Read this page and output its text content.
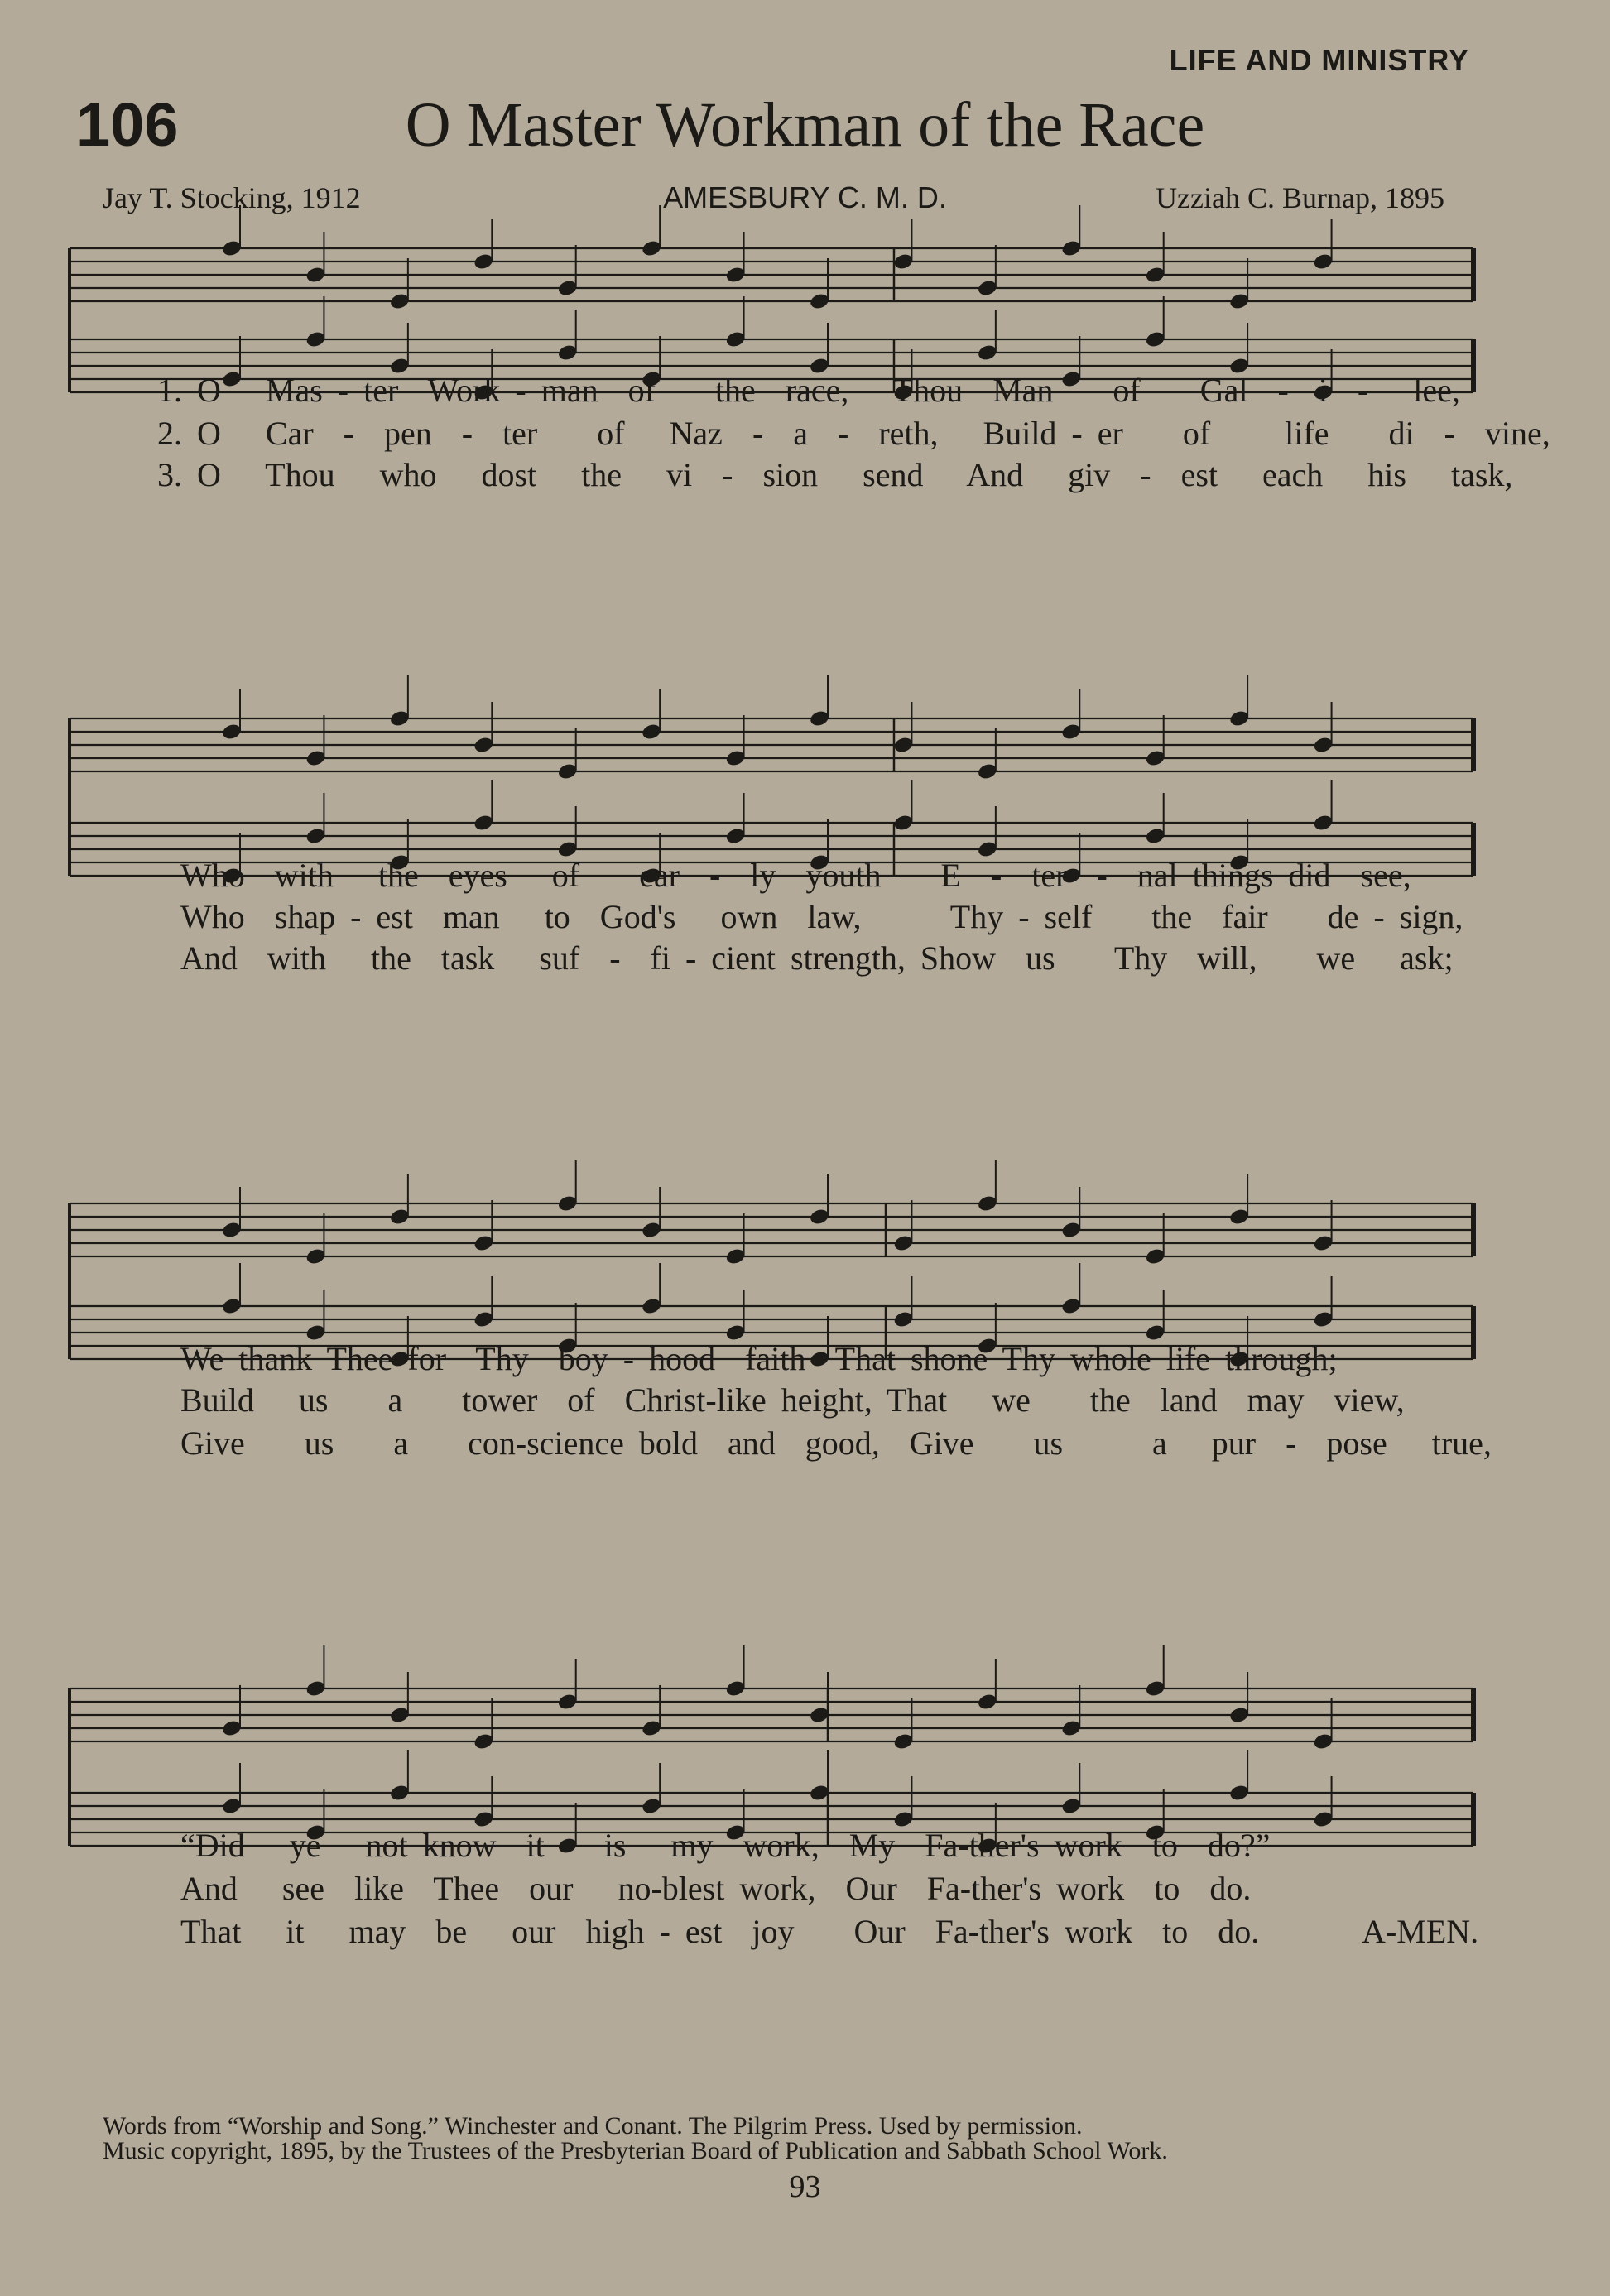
LIFE AND MINISTRY
106	O Master Workman of the Race
Jay T. Stocking, 1912	AMESBURY C. M. D.	Uzziah C. Burnap, 1895
1. O   Mas - ter  Work - man  of    the  race,   Thou  Man    of    Gal  -  i  -   lee,
2. O   Car  -  pen  -  ter    of   Naz  -  a  -  reth,   Build - er    of     life    di  -  vine,
3. O   Thou   who   dost   the   vi  -  sion   send   And   giv  -  est   each   his   task,
Who  with   the  eyes   of    ear  -  ly  youth    E  -  ter  -  nal things did  see,
Who  shap - est  man   to  God's   own  law,      Thy - self    the  fair    de - sign,
And  with   the  task   suf  -  fi - cient strength, Show  us    Thy  will,    we   ask;
We thank Thee for  Thy  boy - hood  faith  That shone Thy whole life through;
Build   us    a    tower  of  Christ-like height, That   we    the  land  may  view,
Give    us    a    con-science bold  and  good,  Give    us      a   pur  -  pose   true,
“Did   ye   not know  it    is   my  work,  My  Fa-ther's work  to  do?”
And   see  like  Thee  our   no-blest work,  Our  Fa-ther's work  to  do.
That   it   may  be   our  high - est  joy    Our  Fa-ther's work  to  do.       A-MEN.
Words from “Worship and Song.” Winchester and Conant. The Pilgrim Press. Used by permission.
Music copyright, 1895, by the Trustees of the Presbyterian Board of Publication and Sabbath School Work.
93
